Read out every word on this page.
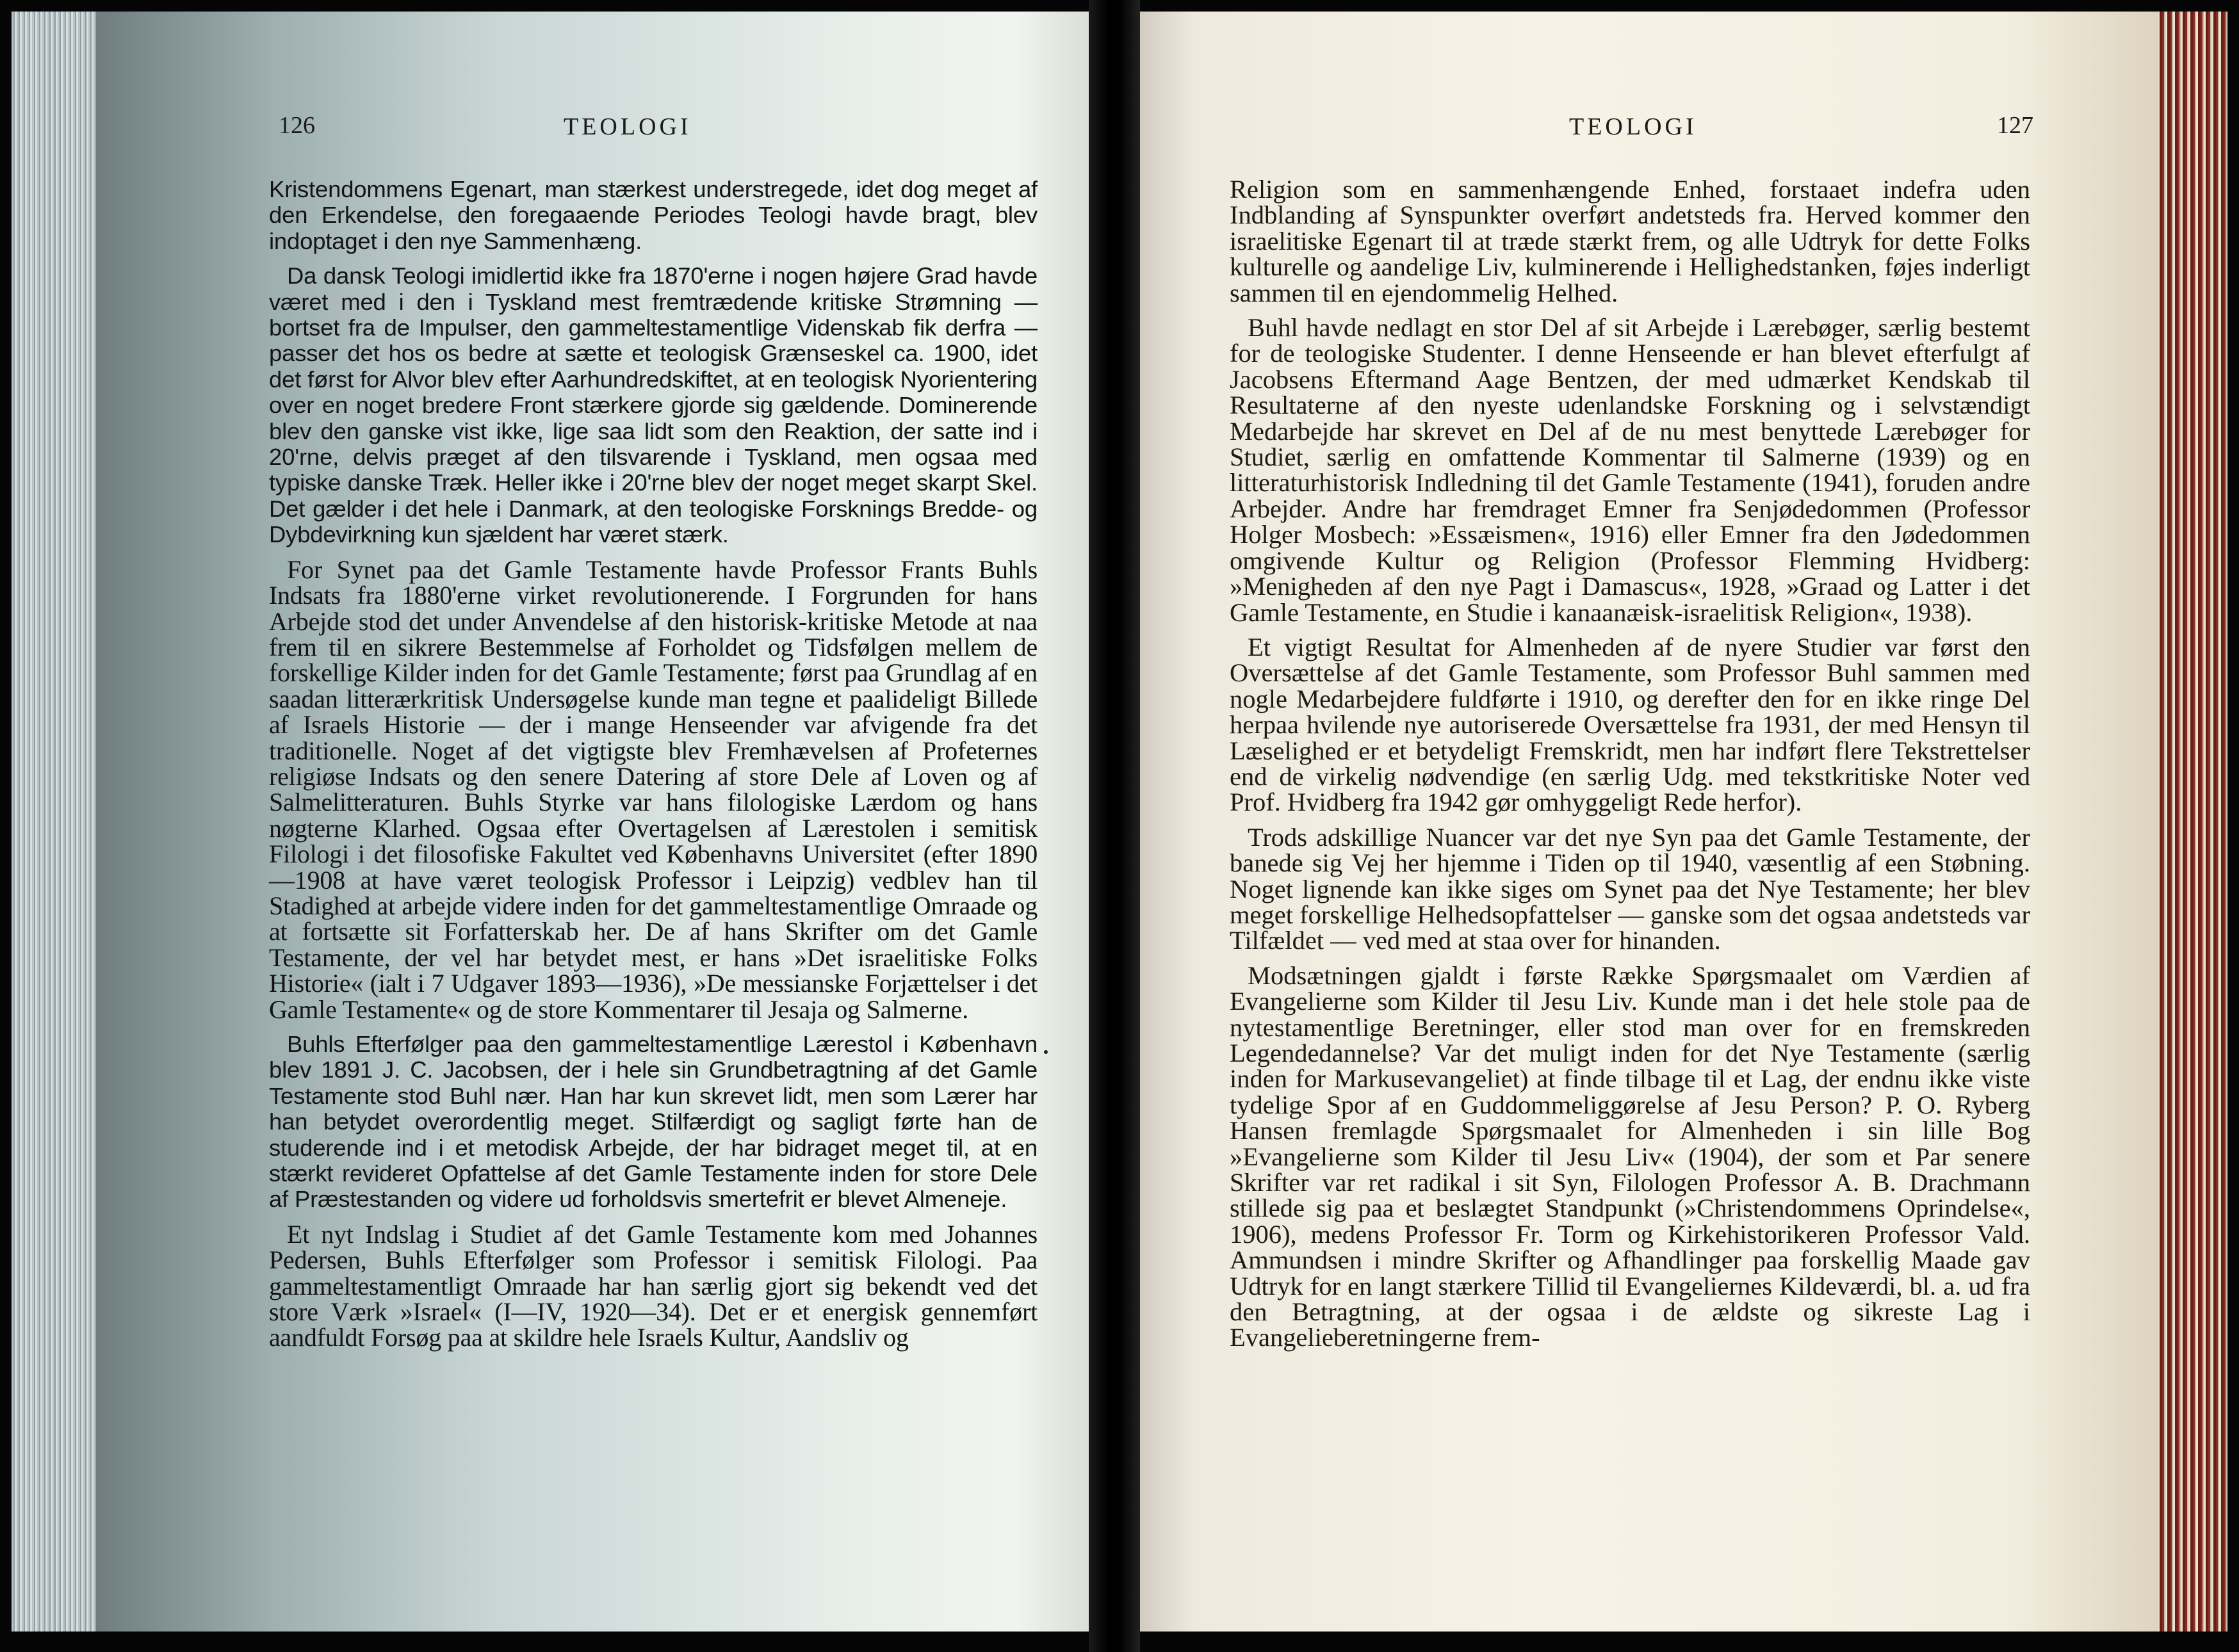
126	TEOLOGI

Kristendommens Egenart, man stærkest understregede, idet dog meget af den Erkendelse, den foregaaende Periodes Teologi havde bragt, blev indoptaget i den nye Sammenhæng.

Da dansk Teologi imidlertid ikke fra 1870'erne i nogen højere Grad havde været med i den i Tyskland mest fremtrædende kritiske Strømning — bortset fra de Impulser, den gammeltestamentlige Videnskab fik derfra — passer det hos os bedre at sætte et teologisk Grænseskel ca. 1900, idet det først for Alvor blev efter Aarhundredskiftet, at en teologisk Nyorientering over en noget bredere Front stærkere gjorde sig gældende. Dominerende blev den ganske vist ikke, lige saa lidt som den Reaktion, der satte ind i 20'rne, delvis præget af den tilsvarende i Tyskland, men ogsaa med typiske danske Træk. Heller ikke i 20'rne blev der noget meget skarpt Skel. Det gælder i det hele i Danmark, at den teologiske Forsknings Bredde- og Dybdevirkning kun sjældent har været stærk.

For Synet paa det Gamle Testamente havde Professor Frants Buhls Indsats fra 1880'erne virket revolutionerende. I Forgrunden for hans Arbejde stod det under Anvendelse af den historisk-kritiske Metode at naa frem til en sikrere Bestemmelse af Forholdet og Tidsfølgen mellem de forskellige Kilder inden for det Gamle Testamente; først paa Grundlag af en saadan litterærkritisk Undersøgelse kunde man tegne et paalideligt Billede af Israels Historie — der i mange Henseender var afvigende fra det traditionelle. Noget af det vigtigste blev Fremhævelsen af Profeternes religiøse Indsats og den senere Datering af store Dele af Loven og af Salmelitteraturen. Buhls Styrke var hans filologiske Lærdom og hans nøgterne Klarhed. Ogsaa efter Overtagelsen af Lærestolen i semitisk Filologi i det filosofiske Fakultet ved Københavns Universitet (efter 1890—1908 at have været teologisk Professor i Leipzig) vedblev han til Stadighed at arbejde videre inden for det gammeltestamentlige Omraade og at fortsætte sit Forfatterskab her. De af hans Skrifter om det Gamle Testamente, der vel har betydet mest, er hans »Det israelitiske Folks Historie« (ialt i 7 Udgaver 1893—1936), »De messianske Forjættelser i det Gamle Testamente« og de store Kommentarer til Jesaja og Salmerne.

Buhls Efterfølger paa den gammeltestamentlige Lærestol i København blev 1891 J. C. Jacobsen, der i hele sin Grundbetragtning af det Gamle Testamente stod Buhl nær. Han har kun skrevet lidt, men som Lærer har han betydet overordentlig meget. Stilfærdigt og sagligt førte han de studerende ind i et metodisk Arbejde, der har bidraget meget til, at en stærkt revideret Opfattelse af det Gamle Testamente inden for store Dele af Præstestanden og videre ud forholdsvis smertefrit er blevet Almeneje.

Et nyt Indslag i Studiet af det Gamle Testamente kom med Johannes Pedersen, Buhls Efterfølger som Professor i semitisk Filologi. Paa gammeltestamentligt Omraade har han særlig gjort sig bekendt ved det store Værk »Israel« (I—IV, 1920—34). Det er et energisk gennemført aandfuldt Forsøg paa at skildre hele Israels Kultur, Aandsliv og

TEOLOGI	127

Religion som en sammenhængende Enhed, forstaaet indefra uden Indblanding af Synspunkter overført andetsteds fra. Herved kommer den israelitiske Egenart til at træde stærkt frem, og alle Udtryk for dette Folks kulturelle og aandelige Liv, kulminerende i Hellighedstanken, føjes inderligt sammen til en ejendommelig Helhed.

Buhl havde nedlagt en stor Del af sit Arbejde i Lærebøger, særlig bestemt for de teologiske Studenter. I denne Henseende er han blevet efterfulgt af Jacobsens Eftermand Aage Bentzen, der med udmærket Kendskab til Resultaterne af den nyeste udenlandske Forskning og i selvstændigt Medarbejde har skrevet en Del af de nu mest benyttede Lærebøger for Studiet, særlig en omfattende Kommentar til Salmerne (1939) og en litteraturhistorisk Indledning til det Gamle Testamente (1941), foruden andre Arbejder. Andre har fremdraget Emner fra Senjødedommen (Professor Holger Mosbech: »Essæismen«, 1916) eller Emner fra den Jødedommen omgivende Kultur og Religion (Professor Flemming Hvidberg: »Menigheden af den nye Pagt i Damascus«, 1928, »Graad og Latter i det Gamle Testamente, en Studie i kanaanæisk-israelitisk Religion«, 1938).

Et vigtigt Resultat for Almenheden af de nyere Studier var først den Oversættelse af det Gamle Testamente, som Professor Buhl sammen med nogle Medarbejdere fuldførte i 1910, og derefter den for en ikke ringe Del herpaa hvilende nye autoriserede Oversættelse fra 1931, der med Hensyn til Læselighed er et betydeligt Fremskridt, men har indført flere Tekstrettelser end de virkelig nødvendige (en særlig Udg. med tekstkritiske Noter ved Prof. Hvidberg fra 1942 gør omhyggeligt Rede herfor).

Trods adskillige Nuancer var det nye Syn paa det Gamle Testamente, der banede sig Vej her hjemme i Tiden op til 1940, væsentlig af een Støbning. Noget lignende kan ikke siges om Synet paa det Nye Testamente; her blev meget forskellige Helhedsopfattelser — ganske som det ogsaa andetsteds var Tilfældet — ved med at staa over for hinanden.

Modsætningen gjaldt i første Række Spørgsmaalet om Værdien af Evangelierne som Kilder til Jesu Liv. Kunde man i det hele stole paa de nytestamentlige Beretninger, eller stod man over for en fremskreden Legendedannelse? Var det muligt inden for det Nye Testamente (særlig inden for Markusevangeliet) at finde tilbage til et Lag, der endnu ikke viste tydelige Spor af en Guddommeliggørelse af Jesu Person? P. O. Ryberg Hansen fremlagde Spørgsmaalet for Almenheden i sin lille Bog »Evangelierne som Kilder til Jesu Liv« (1904), der som et Par senere Skrifter var ret radikal i sit Syn, Filologen Professor A. B. Drachmann stillede sig paa et beslægtet Standpunkt (»Christendommens Oprindelse«, 1906), medens Professor Fr. Torm og Kirkehistorikeren Professor Vald. Ammundsen i mindre Skrifter og Afhandlinger paa forskellig Maade gav Udtryk for en langt stærkere Tillid til Evangeliernes Kildeværdi, bl. a. ud fra den Betragtning, at der ogsaa i de ældste og sikreste Lag i Evangelieberetningerne frem-
